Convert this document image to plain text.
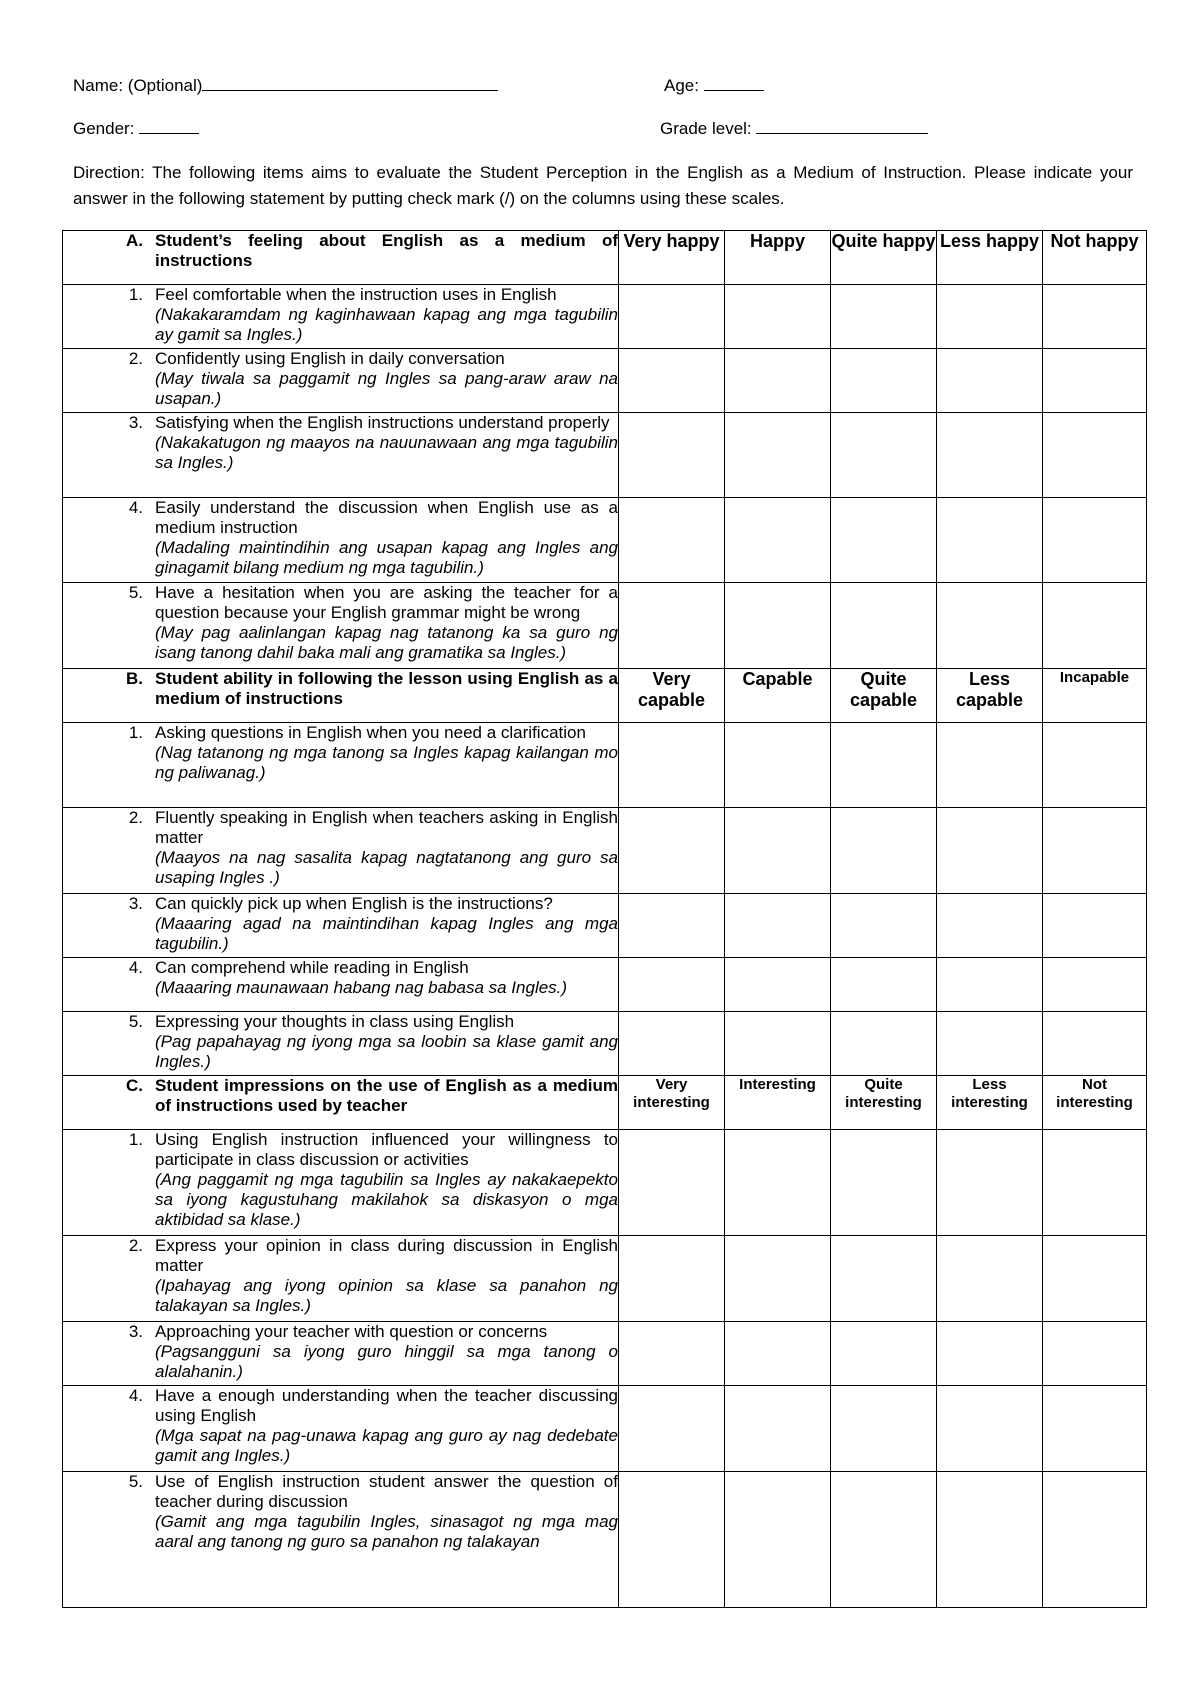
Name: (Optional)	Age:
Gender:	Grade level:
Direction: The following items aims to evaluate the Student Perception in the English as a Medium of Instruction. Please indicate your answer in the following statement by putting check mark (/) on the columns using these scales.
A. Student’s feeling about English as a medium of instructions	Very happy	Happy	Quite happy	Less happy	Not happy

1. Feel comfortable when the instruction uses in English
(Nakakaramdam ng kaginhawaan kapag ang mga tagubilin ay gamit sa Ingles.)					

2. Confidently using English in daily conversation
(May tiwala sa paggamit ng Ingles sa pang-araw araw na usapan.)					

3. Satisfying when the English instructions understand properly
(Nakakatugon ng maayos na nauunawaan ang mga tagubilin sa Ingles.)					

4. Easily understand the discussion when English use as a medium instruction
(Madaling maintindihin ang usapan kapag ang Ingles ang ginagamit bilang medium ng mga tagubilin.)					

5. Have a hesitation when you are asking the teacher for a question because your English grammar might be wrong
(May pag aalinlangan kapag nag tatanong ka sa guro ng isang tanong dahil baka mali ang gramatika sa Ingles.)					

B. Student ability in following the lesson using English as a medium of instructions	Very capable	Capable	Quite capable	Less capable	Incapable

1. Asking questions in English when you need a clarification
(Nag tatanong ng mga tanong sa Ingles kapag kailangan mo ng paliwanag.)					

2. Fluently speaking in English when teachers asking in English matter
(Maayos na nag sasalita kapag nagtatanong ang guro sa usaping Ingles .)					

3. Can quickly pick up when English is the instructions?
(Maaaring agad na maintindihan kapag Ingles ang mga tagubilin.)					

4. Can comprehend while reading in English
(Maaaring maunawaan habang nag babasa sa Ingles.)					

5. Expressing your thoughts in class using English
(Pag papahayag ng iyong mga sa loobin sa klase gamit ang Ingles.)					

C. Student impressions on the use of English as a medium of instructions used by teacher	Very interesting	Interesting	Quite interesting	Less interesting	Not interesting

1. Using English instruction influenced your willingness to participate in class discussion or activities
(Ang paggamit ng mga tagubilin sa Ingles ay nakakaepekto sa iyong kagustuhang makilahok sa diskasyon o mga aktibidad sa klase.)					

2. Express your opinion in class during discussion in English matter
(Ipahayag ang iyong opinion sa klase sa panahon ng talakayan sa Ingles.)					

3. Approaching your teacher with question or concerns
(Pagsangguni sa iyong guro hinggil sa mga tanong o alalahanin.)					

4. Have a enough understanding when the teacher discussing using English
(Mga sapat na pag-unawa kapag ang guro ay nag dedebate gamit ang Ingles.)					

5. Use of English instruction student answer the question of teacher during discussion
(Gamit ang mga tagubilin Ingles, sinasagot ng mga mag aaral ang tanong ng guro sa panahon ng talakayan					
